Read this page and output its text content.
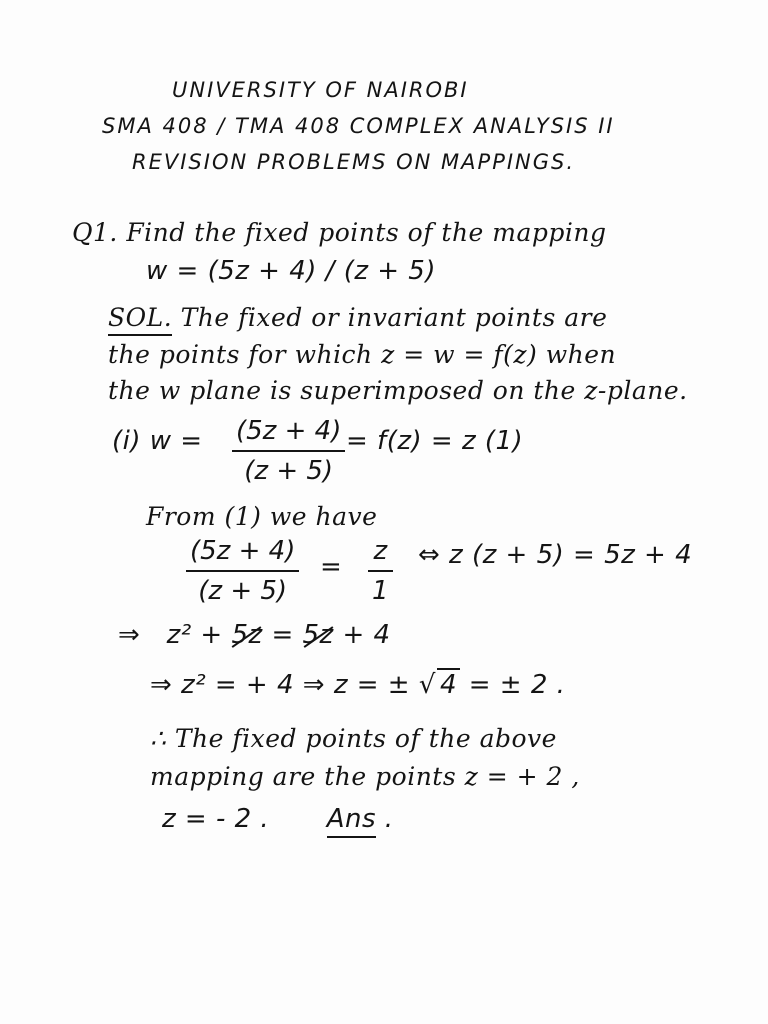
UNIVERSITY OF NAIROBI
SMA 408 / TMA 408 COMPLEX ANALYSIS II
REVISION PROBLEMS ON MAPPINGS.
Q1. Find the fixed points of the mapping
w = (5z + 4) / (z + 5)
SOL. The fixed or invariant points are
the points for which z = w = f(z) when
the w plane is superimposed on the z-plane.
(i) w = (5z + 4)
(z + 5)
= f(z) = z (1)
From (1) we have
(5z + 4)
(z + 5)
=
z
1
⇔ z (z + 5) = 5z + 4
⇒ z² + 5z = 5z + 4
⇒ z² = + 4 ⇒ z = ± √ 4 = ± 2 .
∴ The fixed points of the above
mapping are the points z = + 2 ,
z = - 2 . Ans .
